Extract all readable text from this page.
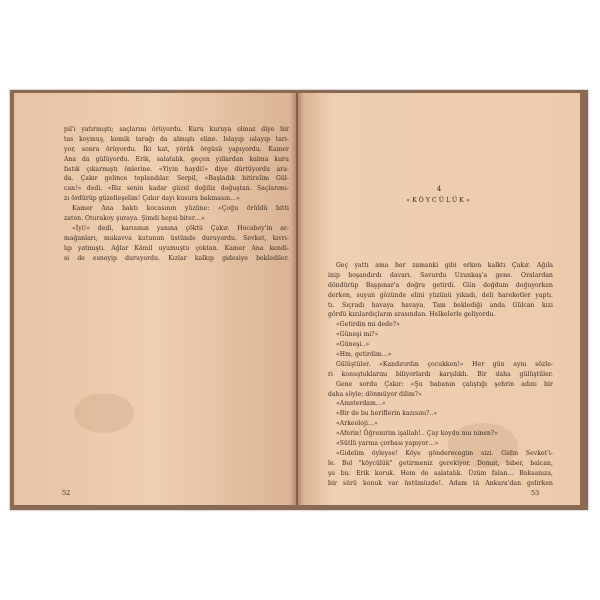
pil'i yatırmıştı; saçlarını örüyordu. Kuru kuruya olmaz diye bir
tas koymuş, kemik tarağı da almıştı eline. Islayıp ıslayıp tarı-
yor, sonra örüyordu. İki kat, yörük örgüsü yapıyordu. Kamer
Ana da gülüyordu. Erik, salatalık, geçen yıllardan kalma kuru
fıstık çıkarmıştı önlerine. «Yiyin haydi!» diye dürtüyordu ara-
da. Çakır gelince toplandılar. Serpil, «Başladık bitirelim Gül-
can!» dedi. «Biz senin kadar güzel değiliz doğuştan. Saçlarımı-
zı ördürüp güzelleşelim! Çakır dayı kusura bakmasın…»
Kamer Ana baktı kocasının yüzüne: «Çoğu örüldü bitti
zaten. Oturakoy şuraya. Şimdi hepsi biter…»
«İyi!» dedi, karısının yanına çöktü Çakır. Hocabey'in ar-
mağanları, mukavva kutunun üstünde duruyordu. Sevket, kıvrı-
lıp yatmıştı. Ağlar Kâmil uyumuştu çoktan. Kamer Ana kendi-
si de esneyip duruyordu. Kızlar kalkıp gidesiye beklediler.
52
4
«KÖYCÜLÜK»
Geç yattı ama her zamanki gibi erken kalktı Çakır. Ağıla
inip boşandırdı davarı. Savurdu Uzunkaş'a gene. Oralardan
döndürüp Başpınar'a doğru getirdi. Gün doğdum doğuyorken
derken, suyun gözünde elini yüzünü yıkadı, deli hareketler yaptı.
tı. Sıçradı havaya havaya. Tam beklediği anda Gülcan kızı
gördü kızılardıçların arasından. Helkelerle geliyordu.
«Getirdin mi dede?»
«Güneşi mi?»
«Güneşi..»
«Hm, getirdim…»
Gülüştüler. «Kandırırdın çocukken!» Her gün aynı sözle-
ri konuştuklarını biliyorlardı karşılıklı. Bir daha gülüştüler.
Gene sordu Çakır: «Şu babanın çalıştığı şehrin adını bir
daha söyle: dönmüyor dilim?»
«Amsterdam…»
«Bir de bu heriflerin kazısını?..»
«Arkeoloji…»
«Aferin! Öğrenirim işallah!.. Çay koydu mu ninen?»
«Sütlü yarma çorbası yapıyor…»
«Gidelim öyleyse! Köye gönderecegim sizi. Gidin Sevket'i-
le. Bol "köycülük" getirmeniz gerekiyor. Domat, biber, balcan,
şu bu. Erik koruk. Hem de salatalık. Üzüm falan… Baksanıza,
bir sürü konuk var üstümüzde!. Adam tâ Ankara'dan gelirken
53
